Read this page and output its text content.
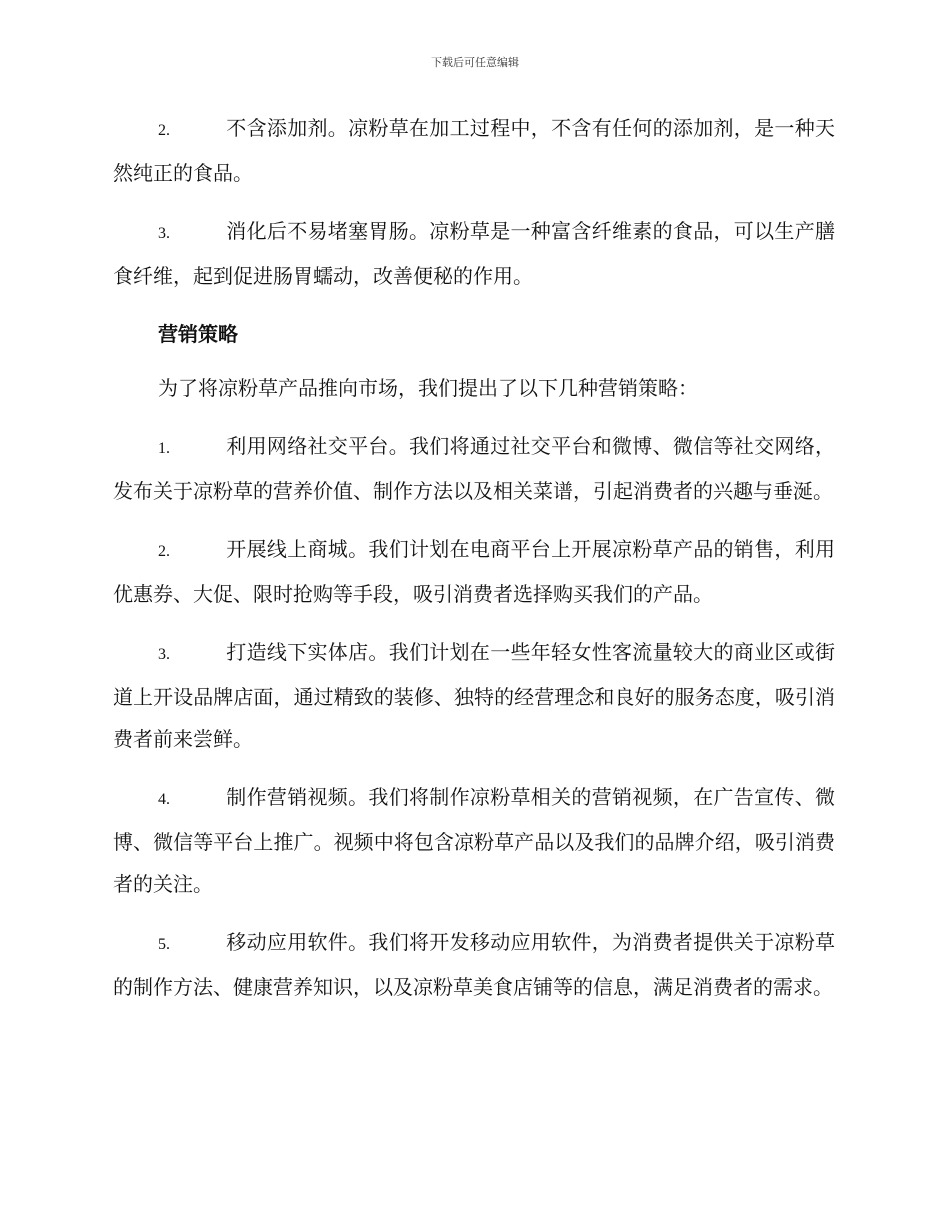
下载后可任意编辑

2.	不含添加剂。凉粉草在加工过程中，不含有任何的添加剂，是一种天然纯正的食品。

3.	消化后不易堵塞胃肠。凉粉草是一种富含纤维素的食品，可以生产膳食纤维，起到促进肠胃蠕动，改善便秘的作用。

营销策略

为了将凉粉草产品推向市场，我们提出了以下几种营销策略：

1.	利用网络社交平台。我们将通过社交平台和微博、微信等社交网络，发布关于凉粉草的营养价值、制作方法以及相关菜谱，引起消费者的兴趣与垂涎。

2.	开展线上商城。我们计划在电商平台上开展凉粉草产品的销售，利用优惠券、大促、限时抢购等手段，吸引消费者选择购买我们的产品。

3.	打造线下实体店。我们计划在一些年轻女性客流量较大的商业区或街道上开设品牌店面，通过精致的装修、独特的经营理念和良好的服务态度，吸引消费者前来尝鲜。

4.	制作营销视频。我们将制作凉粉草相关的营销视频，在广告宣传、微博、微信等平台上推广。视频中将包含凉粉草产品以及我们的品牌介绍，吸引消费者的关注。

5.	移动应用软件。我们将开发移动应用软件，为消费者提供关于凉粉草的制作方法、健康营养知识，以及凉粉草美食店铺等的信息，满足消费者的需求。
